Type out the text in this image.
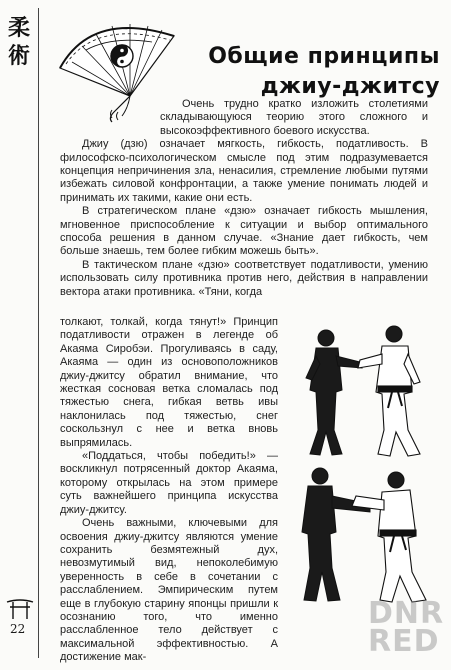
柔
術	Общие принципы
джиу-джитсу

Очень трудно кратко изложить столетиями складывающуюся теорию этого сложного и высокоэффективного боевого искусства.

Джиу (дзю) означает мягкость, гибкость, податливость. В философско-психологическом смысле под этим подразумевается концепция непричинения зла, ненасилия, стремление любыми путями избежать силовой конфронтации, а также умение понимать людей и принимать их такими, какие они есть.

В стратегическом плане «дзю» означает гибкость мышления, мгновенное приспособление к ситуации и выбор оптимального способа решения в данном случае. «Знание дает гибкость, чем больше знаешь, тем более гибким можешь быть».

В тактическом плане «дзю» соответствует податливости, умению использовать силу противника против него, действия в направлении вектора атаки противника. «Тяни, когда

толкают, толкай, когда тянут!» Принцип податливости отражен в легенде об Акаяма Сиробэи. Прогуливаясь в саду, Акаяма — один из основоположников джиу-джитсу обратил внимание, что жесткая сосновая ветка сломалась под тяжестью снега, гибкая ветвь ивы наклонилась под тяжестью, снег соскользнул с нее и ветка вновь выпрямилась.

«Поддаться, чтобы победить!» — воскликнул потрясенный доктор Акаяма, которому открылась на этом примере суть важнейшего принципа искусства джиу-джитсу.

Очень важными, ключевыми для освоения джиу-джитсу являются умение сохранить безмятежный дух, невозмутимый вид, непоколебимую уверенность в себе в сочетании с расслаблением. Эмпирическим путем еще в глубокую старину японцы пришли к осознанию того, что именно расслабленное тело действует с максимальной эффективностью. А достижение мак-

22	DNR
RED
